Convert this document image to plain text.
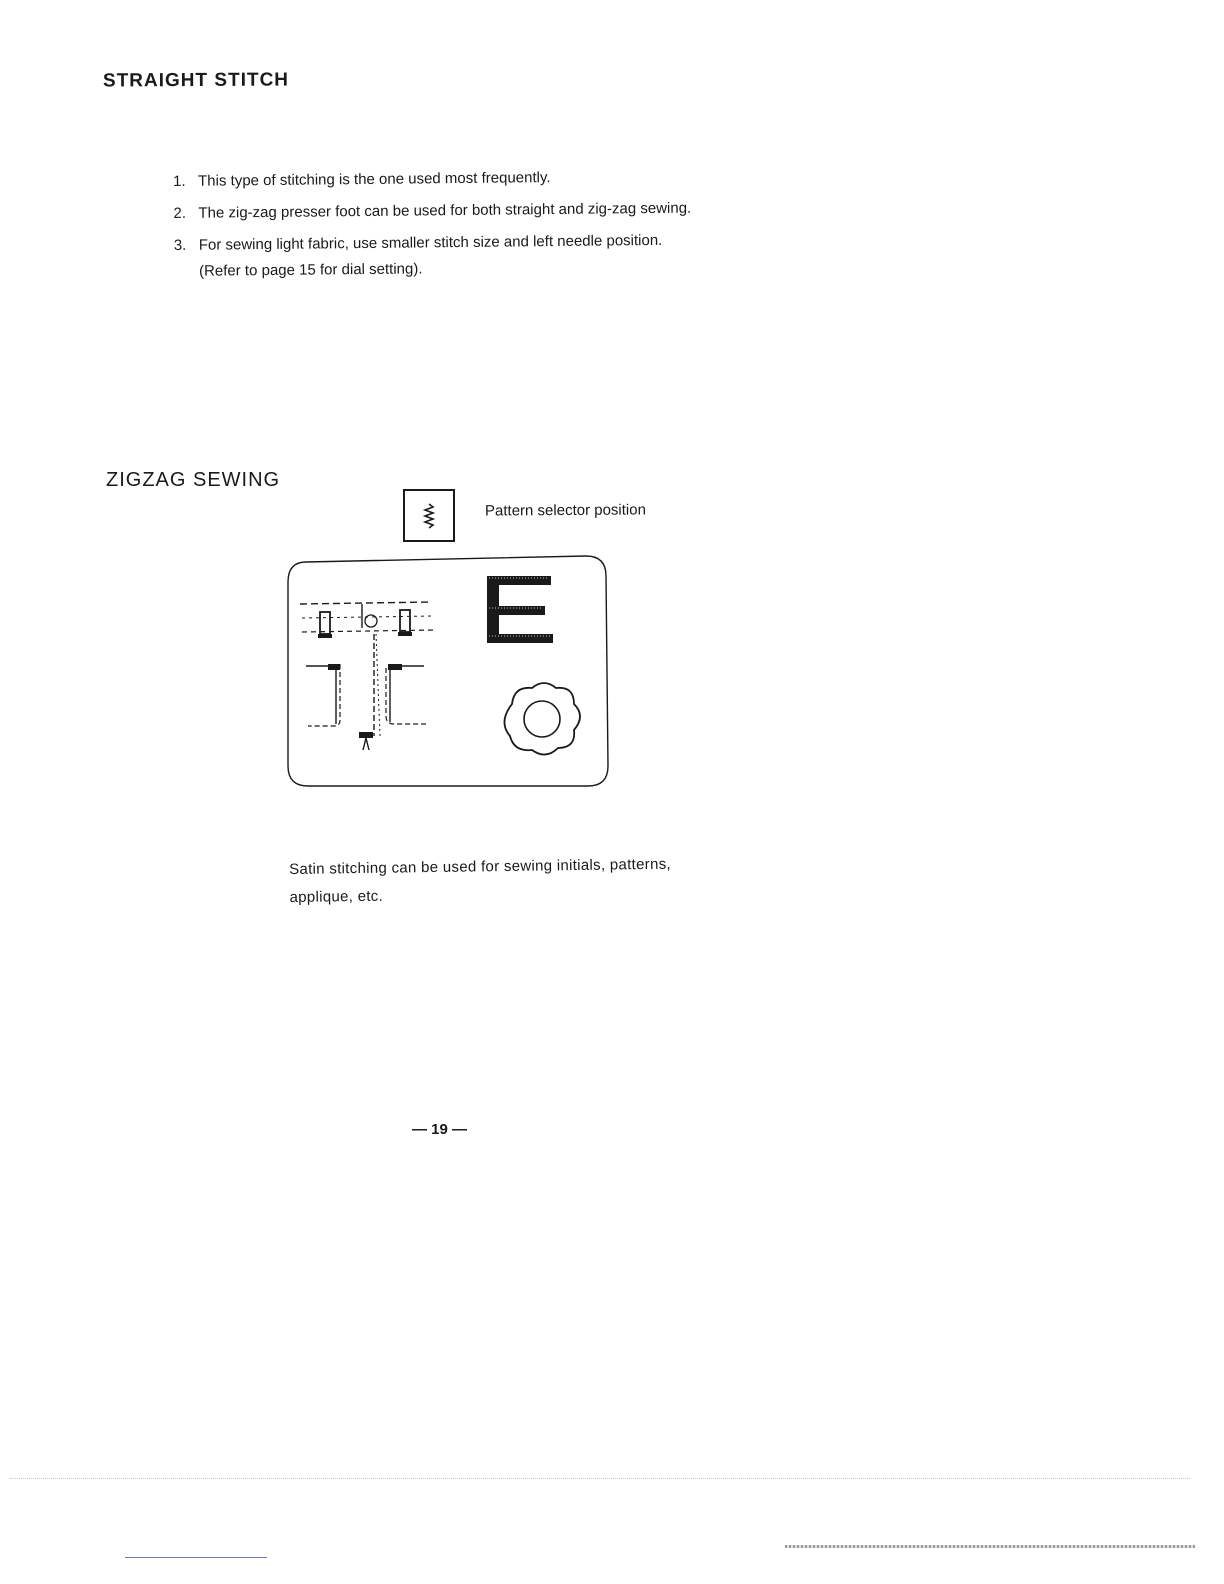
STRAIGHT STITCH
1. This type of stitching is the one used most frequently.
2. The zig-zag presser foot can be used for both straight and zig-zag sewing.
3. For sewing light fabric, use smaller stitch size and left needle position.
(Refer to page 15 for dial setting).
ZIGZAG SEWING
Pattern selector position
Satin stitching can be used for sewing initials, patterns, applique, etc.
— 19 —
